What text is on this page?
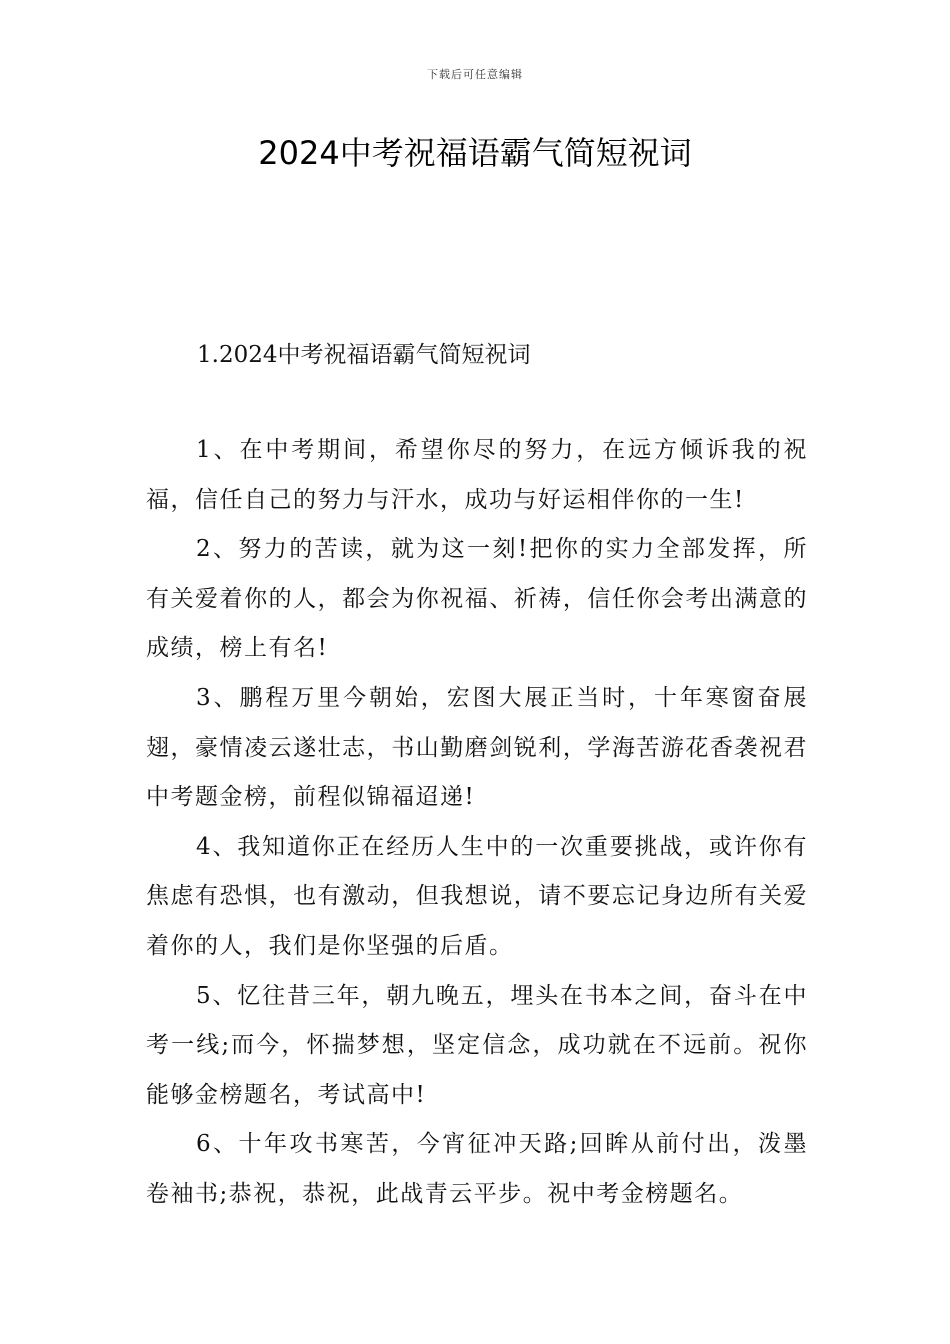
下载后可任意编辑
2024中考祝福语霸气简短祝词
1.2024中考祝福语霸气简短祝词

1、在中考期间，希望你尽的努力，在远方倾诉我的祝福，信任自己的努力与汗水，成功与好运相伴你的一生!

2、努力的苦读，就为这一刻!把你的实力全部发挥，所有关爱着你的人，都会为你祝福、祈祷，信任你会考出满意的成绩，榜上有名!

3、鹏程万里今朝始，宏图大展正当时，十年寒窗奋展翅，豪情凌云遂壮志，书山勤磨剑锐利，学海苦游花香袭祝君中考题金榜，前程似锦福迢递!

4、我知道你正在经历人生中的一次重要挑战，或许你有焦虑有恐惧，也有激动，但我想说，请不要忘记身边所有关爱着你的人，我们是你坚强的后盾。

5、忆往昔三年，朝九晚五，埋头在书本之间，奋斗在中考一线;而今，怀揣梦想，坚定信念，成功就在不远前。祝你能够金榜题名，考试高中!

6、十年攻书寒苦，今宵征冲天路;回眸从前付出，泼墨卷袖书;恭祝，恭祝，此战青云平步。祝中考金榜题名。
